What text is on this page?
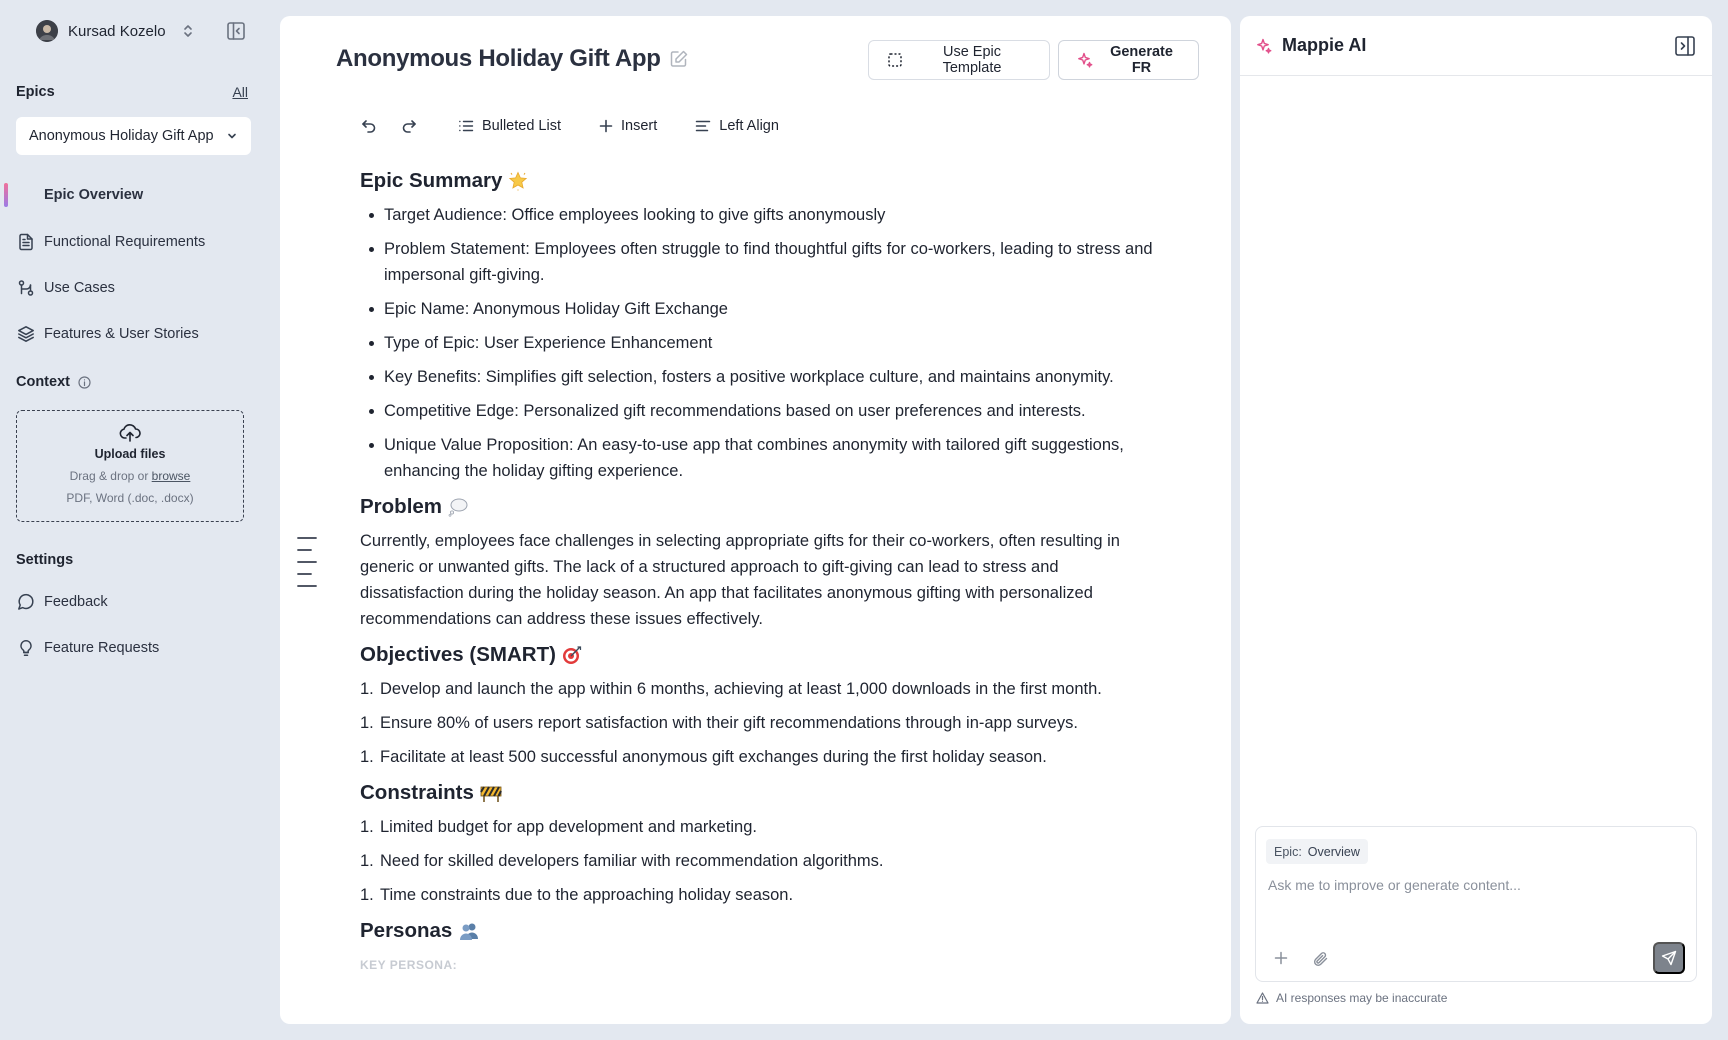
Kursad Kozelo
Epics	All
Anonymous Holiday Gift App
Epic Overview
Functional Requirements
Use Cases
Features & User Stories
Context
Upload files
Drag & drop or browse
PDF, Word (.doc, .docx)
Settings
Feedback
Feature Requests
Anonymous Holiday Gift App	Use Epic Template
Generate FR
Bulleted List	Insert	Left Align
Epic Summary
Target Audience: Office employees looking to give gifts anonymously
Problem Statement: Employees often struggle to find thoughtful gifts for co-workers, leading to stress and impersonal gift-giving.
Epic Name: Anonymous Holiday Gift Exchange
Type of Epic: User Experience Enhancement
Key Benefits: Simplifies gift selection, fosters a positive workplace culture, and maintains anonymity.
Competitive Edge: Personalized gift recommendations based on user preferences and interests.
Unique Value Proposition: An easy-to-use app that combines anonymity with tailored gift suggestions, enhancing the holiday gifting experience.
Problem

Currently, employees face challenges in selecting appropriate gifts for their co-workers, often resulting in generic or unwanted gifts. The lack of a structured approach to gift-giving can lead to stress and dissatisfaction during the holiday season. An app that facilitates anonymous gifting with personalized recommendations can address these issues effectively.

Objectives (SMART)
1. Develop and launch the app within 6 months, achieving at least 1,000 downloads in the first month.
1. Ensure 80% of users report satisfaction with their gift recommendations through in-app surveys.
1. Facilitate at least 500 successful anonymous gift exchanges during the first holiday season.
Constraints
1. Limited budget for app development and marketing.
1. Need for skilled developers familiar with recommendation algorithms.
1. Time constraints due to the approaching holiday season.
Personas
KEY PERSONA:
Mappie AI
Epic: Overview
Ask me to improve or generate content...
AI responses may be inaccurate
